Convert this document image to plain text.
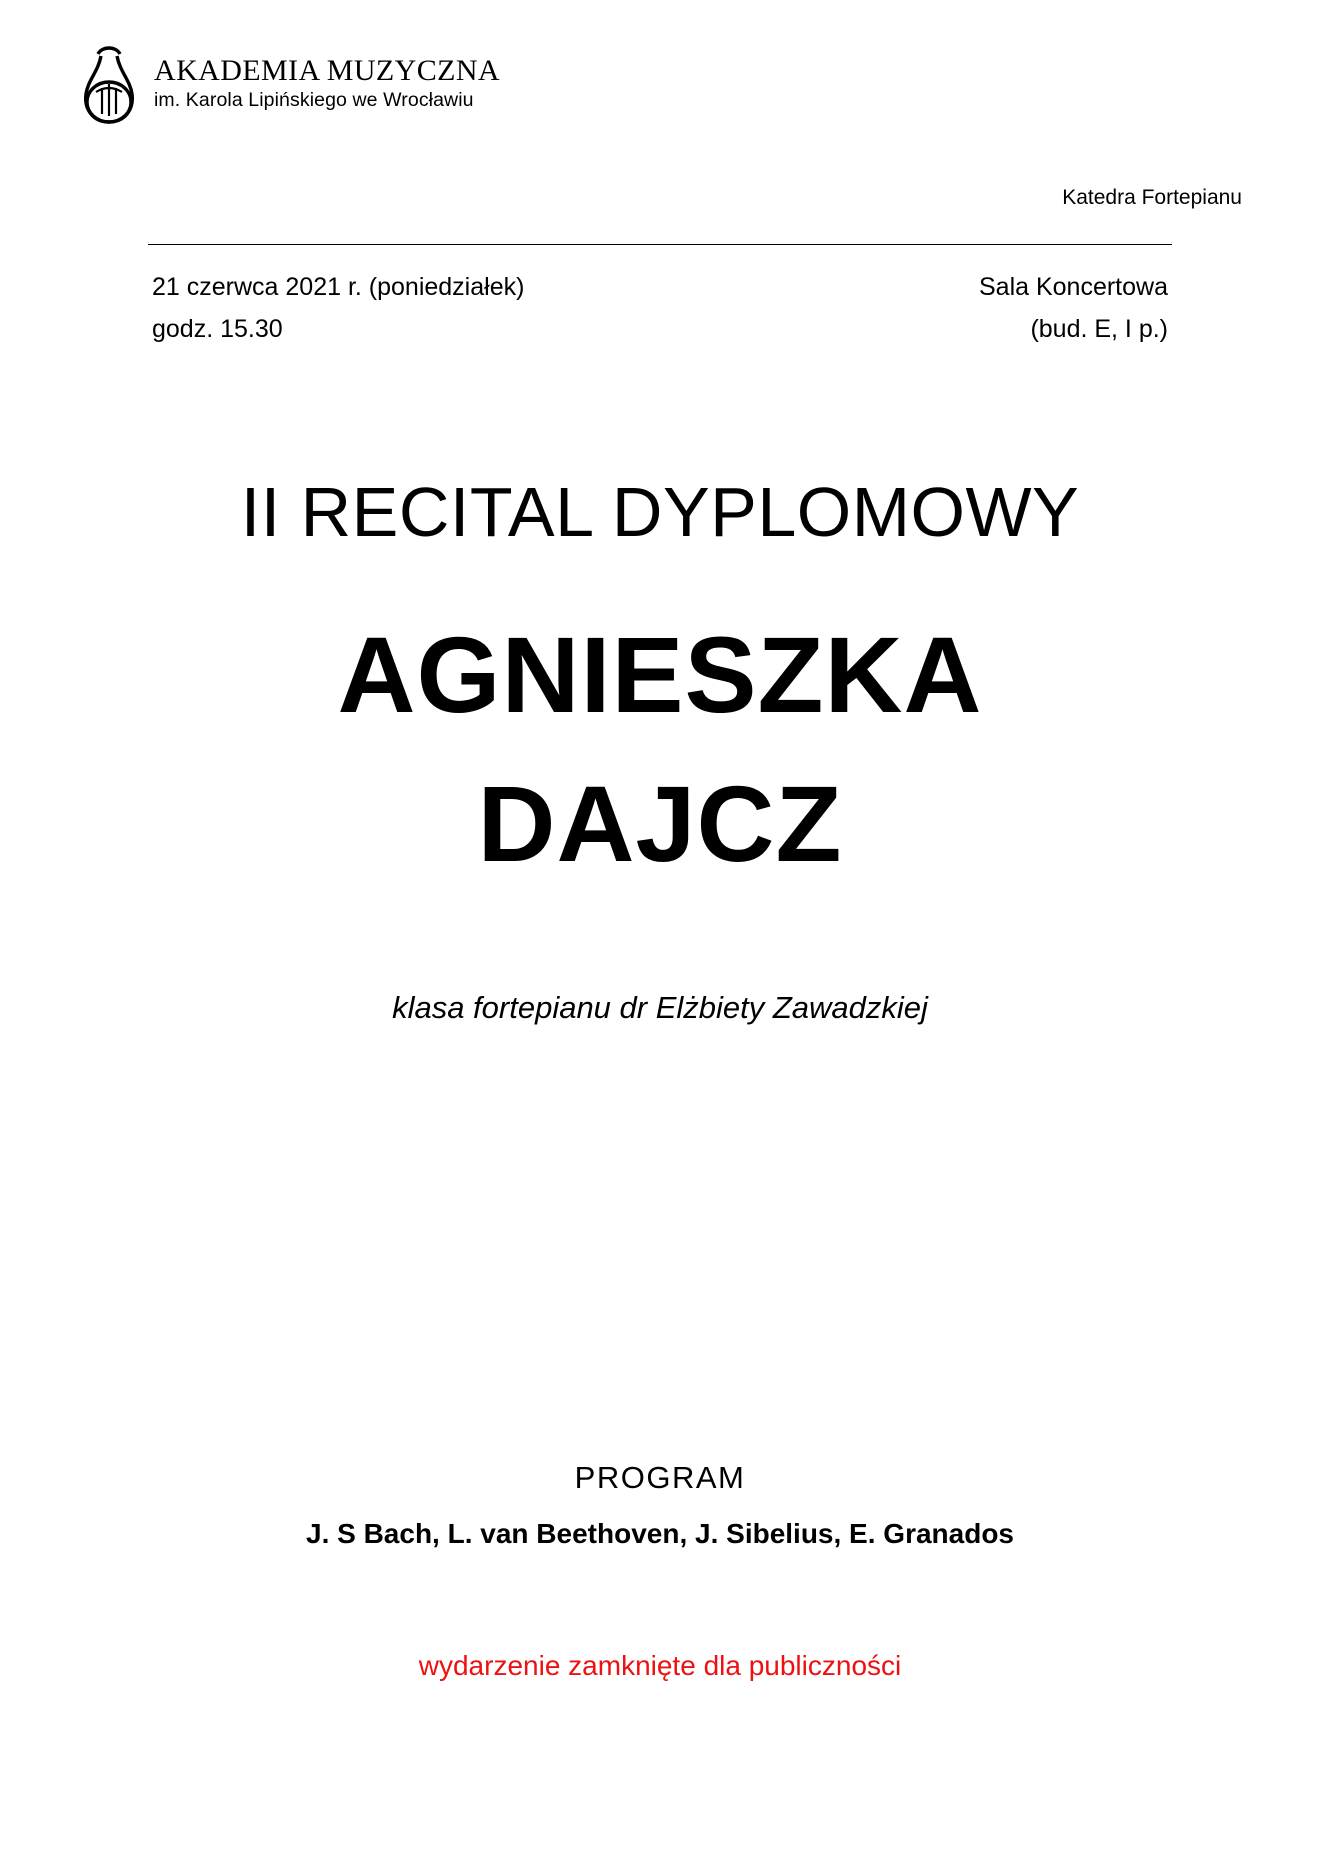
AKADEMIA MUZYCZNA
im. Karola Lipińskiego we Wrocławiu
Katedra Fortepianu
21 czerwca 2021 r. (poniedziałek)
godz. 15.30
Sala Koncertowa
(bud. E, I p.)
II RECITAL DYPLOMOWY
AGNIESZKA
DAJCZ
klasa fortepianu dr Elżbiety Zawadzkiej
PROGRAM
J. S Bach, L. van Beethoven, J. Sibelius, E. Granados
wydarzenie zamknięte dla publiczności
